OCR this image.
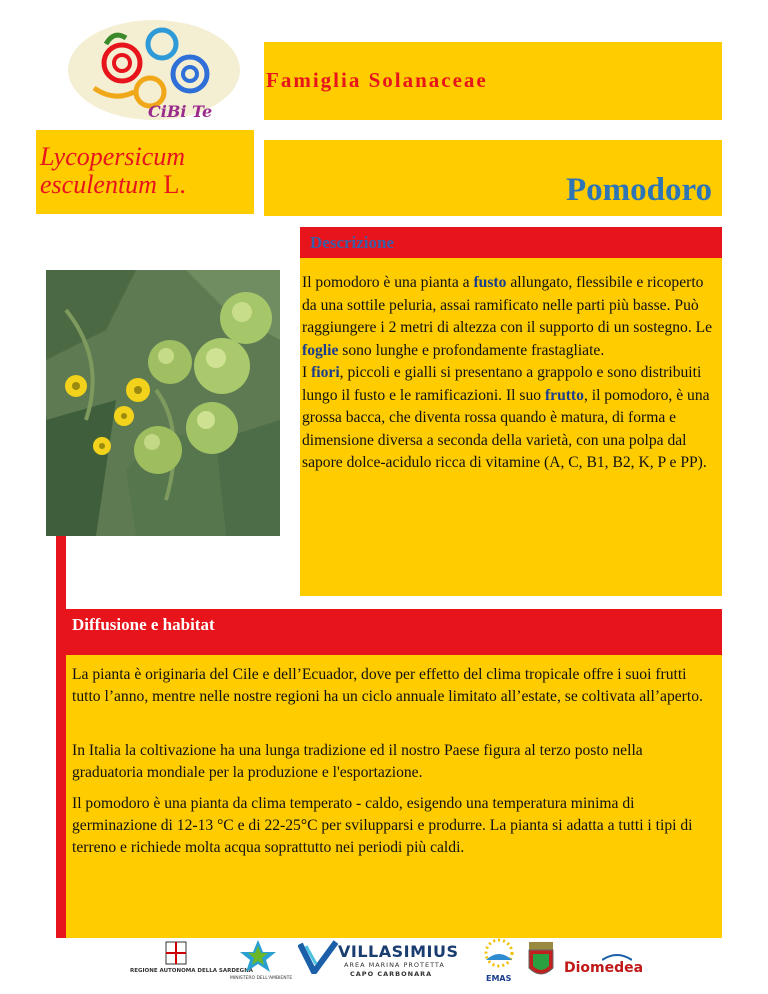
CiBi Te
Famiglia Solanaceae
Lycopersicum
esculentum L.	Pomodoro
Descrizione
Il pomodoro è una pianta a fusto allungato, flessibile e ricoperto da una sottile peluria, assai ramificato nelle parti più basse. Può raggiungere i 2 metri di altezza con il supporto di un sostegno. Le foglie sono lunghe e profondamente frastagliate.
I fiori, piccoli e gialli si presentano a grappolo e sono distribuiti lungo il fusto e le ramificazioni. Il suo frutto, il pomodoro, è una grossa bacca, che diventa rossa quando è matura, di forma e dimensione diversa a seconda della varietà, con una polpa dal sapore dolce-acidulo ricca di vitamine (A, C, B1, B2, K, P e PP).
Diffusione e habitat
La pianta è originaria del Cile e dell’Ecuador, dove per effetto del clima tropicale offre i suoi frutti tutto l’anno, mentre nelle nostre regioni ha un ciclo annuale limitato all’estate, se coltivata all’aperto.
In Italia la coltivazione ha una lunga tradizione ed il nostro Paese figura al terzo posto nella graduatoria mondiale per la produzione e l'esportazione.
Il pomodoro è una pianta da clima temperato - caldo, esigendo una temperatura minima di germinazione di 12-13 °C e di 22-25°C per svilupparsi e produrre. La pianta si adatta a tutti i tipi di terreno e richiede molta acqua soprattutto nei periodi più caldi.
REGIONE AUTONOMA DELLA SARDEGNA
MINISTERO DELL'AMBIENTE
VILLASIMIUS
AREA MARINA PROTETTA
CAPO CARBONARA	EMAS
Diomedea
